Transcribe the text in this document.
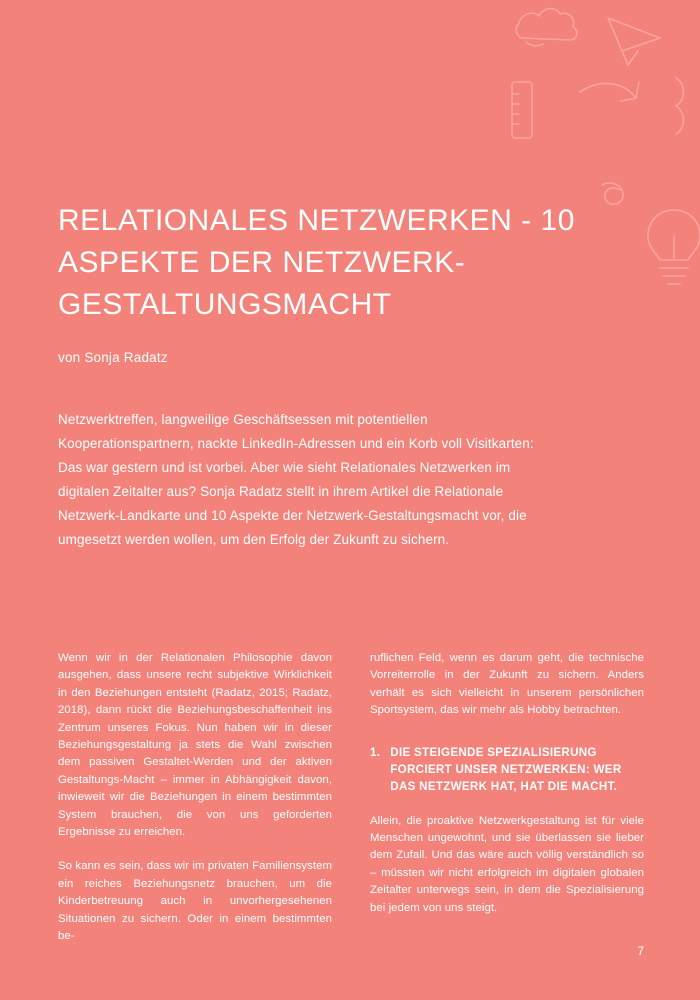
RELATIONALES NETZWERKEN - 10 ASPEKTE DER NETZWERK-GESTALTUNGSMACHT

von Sonja Radatz

Netzwerktreffen, langweilige Geschäftsessen mit potentiellen Kooperationspartnern, nackte LinkedIn-Adressen und ein Korb voll Visitkarten: Das war gestern und ist vorbei. Aber wie sieht Relationales Netzwerken im digitalen Zeitalter aus? Sonja Radatz stellt in ihrem Artikel die Relationale Netzwerk-Landkarte und 10 Aspekte der Netzwerk-Gestaltungsmacht vor, die umgesetzt werden wollen, um den Erfolg der Zukunft zu sichern.

Wenn wir in der Relationalen Philosophie davon ausgehen, dass unsere recht subjektive Wirklichkeit in den Beziehungen entsteht (Radatz, 2015; Radatz, 2018), dann rückt die Beziehungsbeschaffenheit ins Zentrum unseres Fokus. Nun haben wir in dieser Beziehungsgestaltung ja stets die Wahl zwischen dem passiven Gestaltet-Werden und der aktiven Gestaltungs-Macht – immer in Abhängigkeit davon, inwieweit wir die Beziehungen in einem bestimmten System brauchen, die von uns geforderten Ergebnisse zu erreichen.

So kann es sein, dass wir im privaten Familiensystem ein reiches Beziehungsnetz brauchen, um die Kinderbetreuung auch in unvorhergesehenen Situationen zu sichern. Oder in einem bestimmten be-

ruflichen Feld, wenn es darum geht, die technische Vorreiterrolle in der Zukunft zu sichern. Anders verhält es sich vielleicht in unserem persönlichen Sportsystem, das wir mehr als Hobby betrachten.

1. DIE STEIGENDE SPEZIALISIERUNG FORCIERT UNSER NETZWERKEN: WER DAS NETZWERK HAT, HAT DIE MACHT.

Allein, die proaktive Netzwerkgestaltung ist für viele Menschen ungewohnt, und sie überlassen sie lieber dem Zufall. Und das wäre auch völlig verständlich so – müssten wir nicht erfolgreich im digitalen globalen Zeitalter unterwegs sein, in dem die Spezialisierung bei jedem von uns steigt.

7
